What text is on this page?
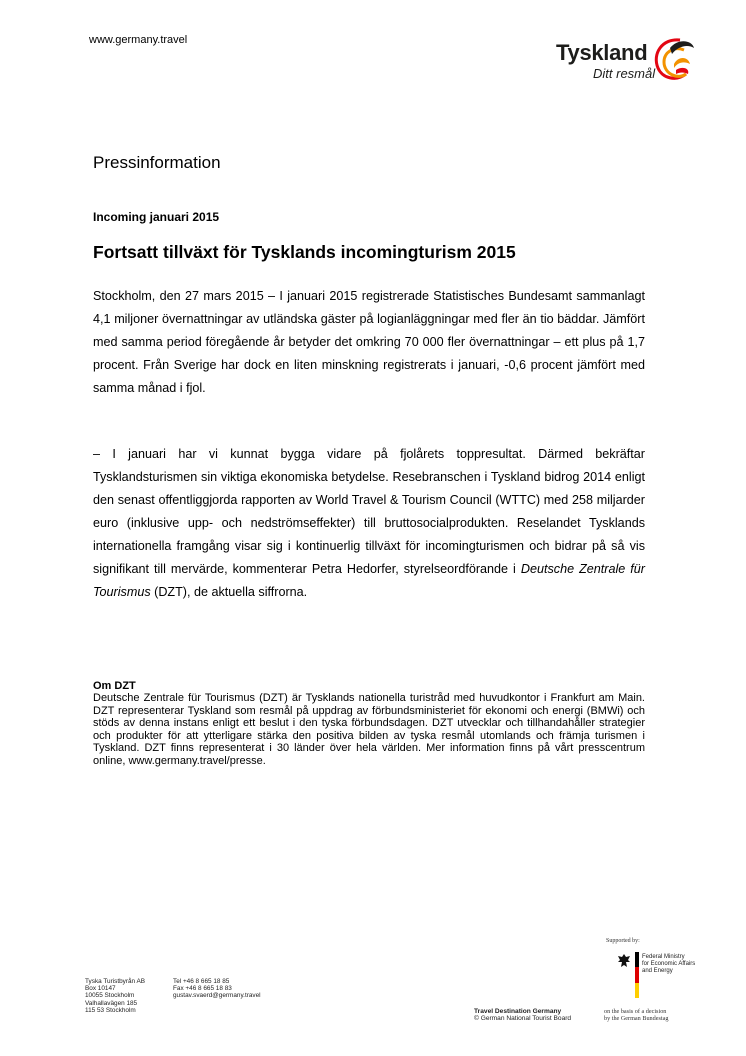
www.germany.travel	Tyskland
Ditt resmål
Pressinformation
Incoming januari 2015
Fortsatt tillväxt för Tysklands incomingturism 2015

Stockholm, den 27 mars 2015 – I januari 2015 registrerade Statistisches Bundesamt sammanlagt 4,1 miljoner övernattningar av utländska gäster på logianläggningar med fler än tio bäddar. Jämfört med samma period föregående år betyder det omkring 70 000 fler övernattningar – ett plus på 1,7 procent. Från Sverige har dock en liten minskning registrerats i januari, -0,6 procent jämfört med samma månad i fjol.

– I januari har vi kunnat bygga vidare på fjolårets toppresultat. Därmed bekräftar Tysklandsturismen sin viktiga ekonomiska betydelse. Resebranschen i Tyskland bidrog 2014 enligt den senast offentliggjorda rapporten av World Travel & Tourism Council (WTTC) med 258 miljarder euro (inklusive upp- och nedströmseffekter) till bruttosocialprodukten. Reselandet Tysklands internationella framgång visar sig i kontinuerlig tillväxt för incomingturismen och bidrar på så vis signifikant till mervärde, kommenterar Petra Hedorfer, styrelseordförande i Deutsche Zentrale für Tourismus (DZT), de aktuella siffrorna.

Om DZT

Deutsche Zentrale für Tourismus (DZT) är Tysklands nationella turistråd med huvudkontor i Frankfurt am Main. DZT representerar Tyskland som resmål på uppdrag av förbundsministeriet för ekonomi och energi (BMWi) och stöds av denna instans enligt ett beslut i den tyska förbundsdagen. DZT utvecklar och tillhandahåller strategier och produkter för att ytterligare stärka den positiva bilden av tyska resmål utomlands och främja turismen i Tyskland. DZT finns representerat i 30 länder över hela världen. Mer information finns på vårt presscentrum online, www.germany.travel/presse.

Tyska Turistbyrån AB
Box 10147
10055 Stockholm
Valhallavägen 185
115 53 Stockholm
Tel +46 8 665 18 85
Fax +46 8 665 18 83
gustav.svaerd@germany.travel
Travel Destination Germany
© German National Tourist Board
Supported by:
Federal Ministry
for Economic Affairs
and Energy
on the basis of a decision
by the German Bundestag
